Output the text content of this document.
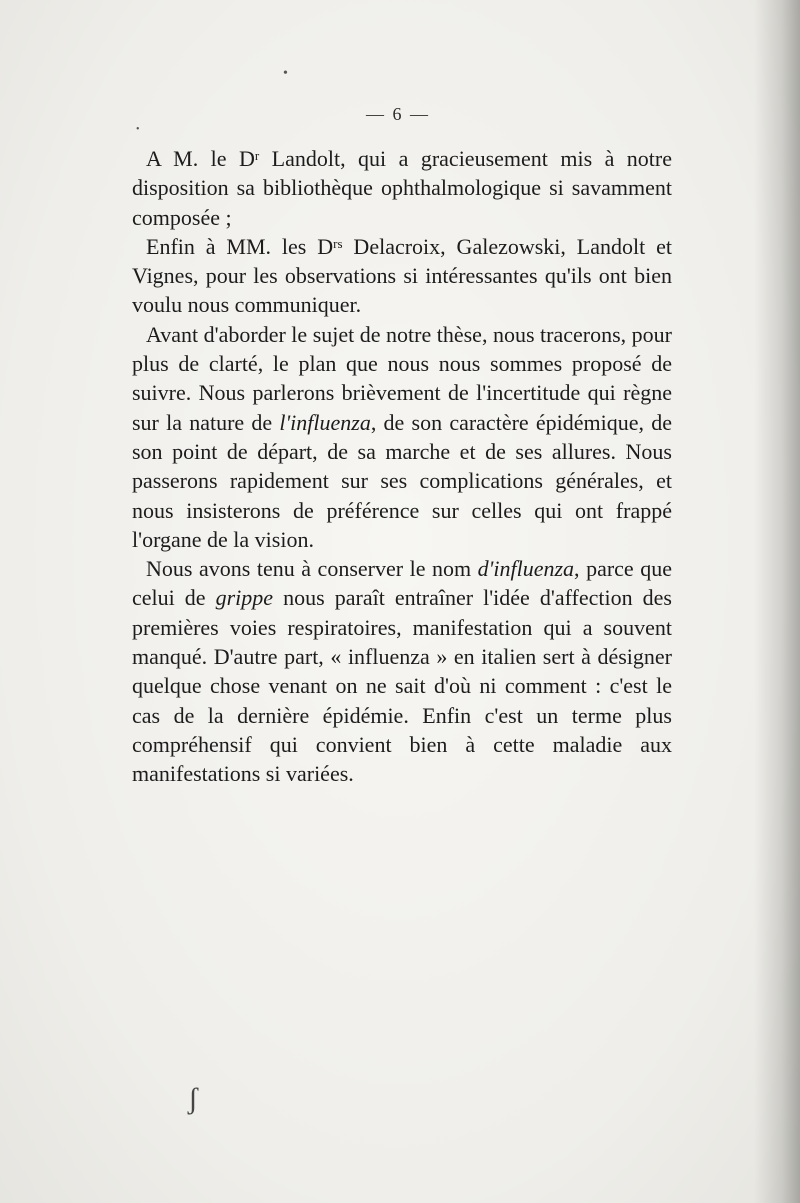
•
•
ʃ
— 6 —

A M. le $D^r$ Landolt, qui a gracieusement mis à notre disposition sa bibliothèque ophthalmologique si savamment composée ;

Enfin à MM. les $D^{rs}$ Delacroix, Galezowski, Landolt et Vignes, pour les observations si intéressantes qu'ils ont bien voulu nous communiquer.

Avant d'aborder le sujet de notre thèse, nous tracerons, pour plus de clarté, le plan que nous nous sommes proposé de suivre. Nous parlerons brièvement de l'incertitude qui règne sur la nature de l'influenza, de son caractère épidémique, de son point de départ, de sa marche et de ses allures. Nous passerons rapidement sur ses complications générales, et nous insisterons de préférence sur celles qui ont frappé l'organe de la vision.

Nous avons tenu à conserver le nom d'influenza, parce que celui de grippe nous paraît entraîner l'idée d'affection des premières voies respiratoires, manifestation qui a souvent manqué. D'autre part, « influenza » en italien sert à désigner quelque chose venant on ne sait d'où ni comment : c'est le cas de la dernière épidémie. Enfin c'est un terme plus compréhensif qui convient bien à cette maladie aux manifestations si variées.
